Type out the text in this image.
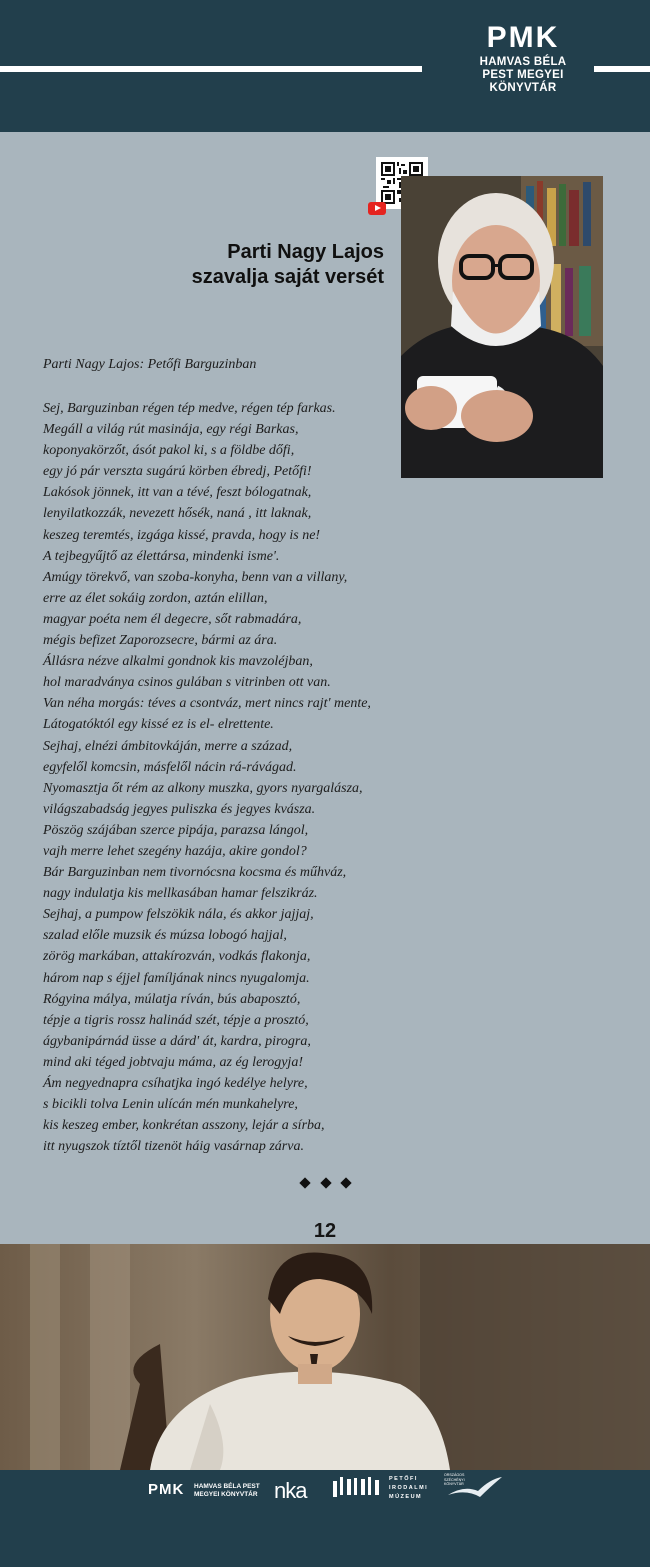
PMK
HAMVAS BÉLA
PEST MEGYEI
KÖNYVTÁR
Parti Nagy Lajos
szavalja saját versét
Parti Nagy Lajos: Petőfi Barguzinban
Sej, Barguzinban régen tép medve, régen tép farkas.
Megáll a világ rút masinája, egy régi Barkas,
koponyakörzőt, ásót pakol ki, s a földbe dőfi,
egy jó pár verszta sugárú körben ébredj, Petőfi!
Lakósok jönnek, itt van a tévé, feszt bólogatnak,
lenyilatkozzák, nevezett hősék, naná , itt laknak,
keszeg teremtés, izgága kissé, pravda, hogy is ne!
A tejbegyűjtő az élettársa, mindenki isme'.
Amúgy törekvő, van szoba-konyha, benn van a villany,
erre az élet sokáig zordon, aztán elillan,
magyar poéta nem él degecre, sőt rabmadára,
mégis befizet Zaporozsecre, bármi az ára.
Állásra nézve alkalmi gondnok kis mavzoléjban,
hol maradványa csinos gulában s vitrinben ott van.
Van néha morgás: téves a csontváz, mert nincs rajt' mente,
Látogatóktól egy kissé ez is el- elrettente.
Sejhaj, elnézi ámbitovkáján, merre a század,
egyfelől komcsin, másfelől nácin rá-rávágad.
Nyomasztja őt rém az alkony muszka, gyors nyargalásza,
világszabadság jegyes puliszka és jegyes kvásza.
Pöszög szájában szerce pipája, parazsa lángol,
vajh merre lehet szegény hazája, akire gondol?
Bár Barguzinban nem tivornócsna kocsma és műhváz,
nagy indulatja kis mellkasában hamar felszikráz.
Sejhaj, a pumpow felszökik nála, és akkor jajjaj,
szalad előle muzsik és múzsa lobogó hajjal,
zörög markában, attakírozván, vodkás flakonja,
három nap s éjjel famíljának nincs nyugalomja.
Rógyina málya, múlatja ríván, bús abaposztó,
tépje a tigris rossz halinád szét, tépje a prosztó,
ágybanipárnád üsse a dárd' át, kardra, pirogra,
mind aki téged jobtvaju máma, az ég lerogyja!
Ám negyednapra csíhatjka ingó kedélye helyre,
s bicikli tolva Lenin ulícán mén munkahelyre,
kis keszeg ember, konkrétan asszony, lejár a sírba,
itt nyugszok tíztől tizenöt háig vasárnap zárva.
12
PMK HAMVAS BÉLA PEST
MEGYEI KÖNYVTÁR nka	PETŐFI
IRODALMI
MÚZEUM
ORSZÁGOS
SZÉCHÉNYI
KÖNYVTÁR
